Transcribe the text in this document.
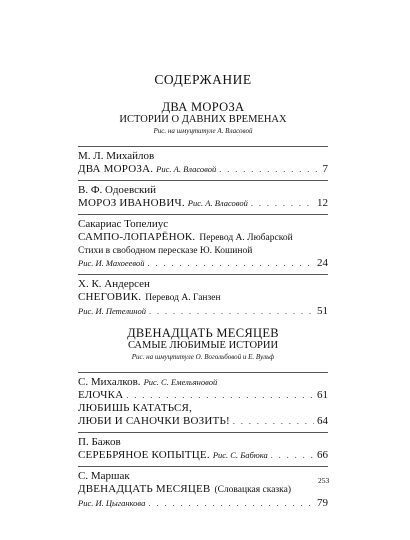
СОДЕРЖАНИЕ
ДВА МОРОЗА
ИСТОРИИ О ДАВНИХ ВРЕМЕНАХ
Рис. на шмуцтитуле А. Власовой
М. Л. Михайлов
ДВА МОРОЗА. Рис. А. Власовой . . .	7
В. Ф. Одоевский
МОРОЗ ИВАНОВИЧ. Рис. А. Власовой . . .	12
Сакариас Топелиус
САМПО-ЛОПАРЁНОК. Перевод А. Любарской
Стихи в свободном пересказе Ю. Кошиной
Рис. И. Махоеевой . . .	24
Х. К. Андерсен
СНЕГОВИК. Перевод А. Ганзен
Рис. И. Петелиной . . .	51
ДВЕНАДЦАТЬ МЕСЯЦЕВ
САМЫЕ ЛЮБИМЫЕ ИСТОРИИ
Рис. на шмуцтитуле О. Вогольбовой и Е. Вульф
С. Михалков. Рис. С. Емельяновой
ЕЛОЧКА . . .	61
ЛЮБИШЬ КАТАТЬСЯ,
ЛЮБИ И САНОЧКИ ВОЗИТЬ! . . .	64
П. Бажов
СЕРЕБРЯНОЕ КОПЫТЦЕ. Рис. С. Бабюка . . .	66
С. Маршак
ДВЕНАДЦАТЬ МЕСЯЦЕВ (Словацкая сказка)
Рис. И. Цыганкова . . .	79
253
